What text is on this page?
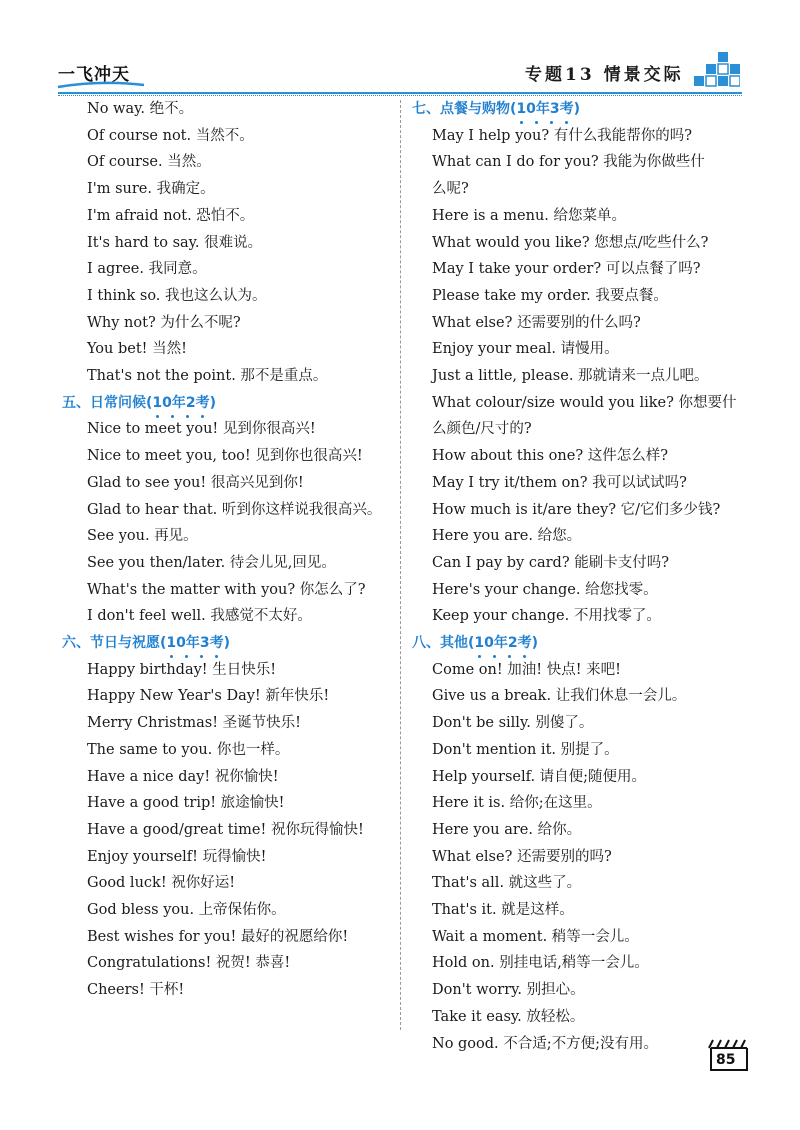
一飞冲天	专题13 情景交际
No way. 绝不。
Of course not. 当然不。
Of course. 当然。
I'm sure. 我确定。
I'm afraid not. 恐怕不。
It's hard to say. 很难说。
I agree. 我同意。
I think so. 我也这么认为。
Why not? 为什么不呢?
You bet! 当然!
That's not the point. 那不是重点。
五、日常问候(10年2考)
Nice to meet you! 见到你很高兴!
Nice to meet you, too! 见到你也很高兴!
Glad to see you! 很高兴见到你!
Glad to hear that. 听到你这样说我很高兴。
See you. 再见。
See you then/later. 待会儿见,回见。
What's the matter with you? 你怎么了?
I don't feel well. 我感觉不太好。
六、节日与祝愿(10年3考)
Happy birthday! 生日快乐!
Happy New Year's Day! 新年快乐!
Merry Christmas! 圣诞节快乐!
The same to you. 你也一样。
Have a nice day! 祝你愉快!
Have a good trip! 旅途愉快!
Have a good/great time! 祝你玩得愉快!
Enjoy yourself! 玩得愉快!
Good luck! 祝你好运!
God bless you. 上帝保佑你。
Best wishes for you! 最好的祝愿给你!
Congratulations! 祝贺! 恭喜!
Cheers! 干杯!
七、点餐与购物(10年3考)
May I help you? 有什么我能帮你的吗?
What can I do for you? 我能为你做些什
么呢?
Here is a menu. 给您菜单。
What would you like? 您想点/吃些什么?
May I take your order? 可以点餐了吗?
Please take my order. 我要点餐。
What else? 还需要别的什么吗?
Enjoy your meal. 请慢用。
Just a little, please. 那就请来一点儿吧。
What colour/size would you like? 你想要什
么颜色/尺寸的?
How about this one? 这件怎么样?
May I try it/them on? 我可以试试吗?
How much is it/are they? 它/它们多少钱?
Here you are. 给您。
Can I pay by card? 能刷卡支付吗?
Here's your change. 给您找零。
Keep your change. 不用找零了。
八、其他(10年2考)
Come on! 加油! 快点! 来吧!
Give us a break. 让我们休息一会儿。
Don't be silly. 别傻了。
Don't mention it. 别提了。
Help yourself. 请自便;随便用。
Here it is. 给你;在这里。
Here you are. 给你。
What else? 还需要别的吗?
That's all. 就这些了。
That's it. 就是这样。
Wait a moment. 稍等一会儿。
Hold on. 别挂电话,稍等一会儿。
Don't worry. 别担心。
Take it easy. 放轻松。
No good. 不合适;不方便;没有用。
85
